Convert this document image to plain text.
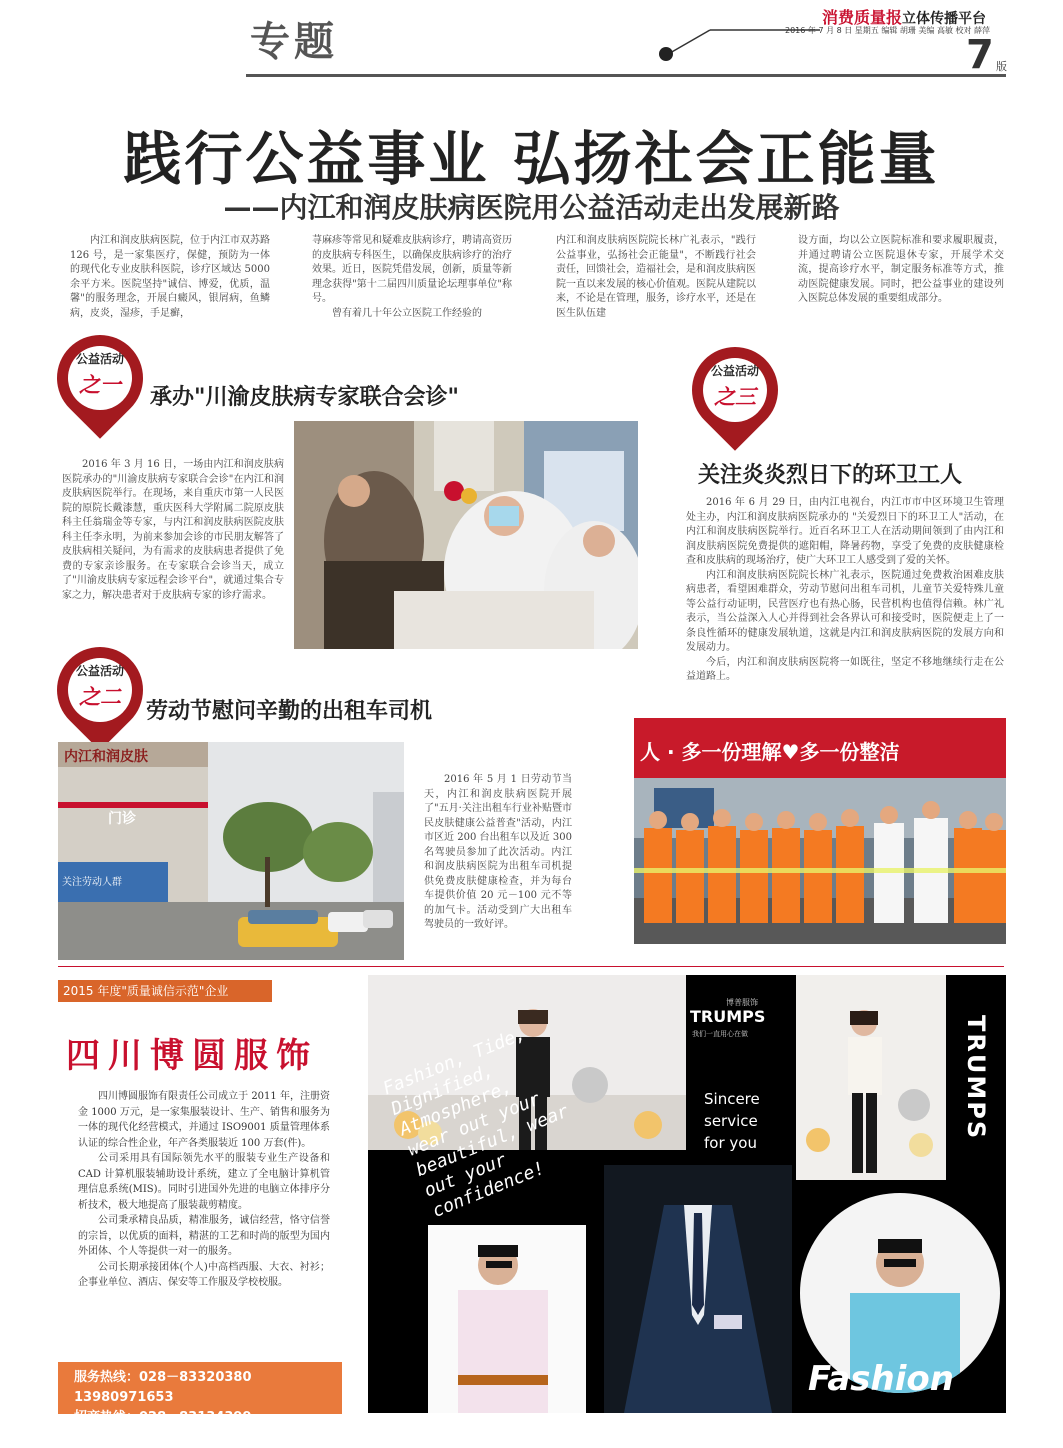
专题
消费质量报立体传播平台
2016 年 7 月 8 日 星期五 编辑 胡珊 美编 高敏 校对 薛萍
7 版
践行公益事业 弘扬社会正能量
——内江和润皮肤病医院用公益活动走出发展新路

内江和润皮肤病医院，位于内江市双苏路 126 号，是一家集医疗，保健，预防为一体的现代化专业皮肤科医院，诊疗区域达 5000 余平方米。医院坚持"诚信、博爱，优质，温馨"的服务理念，开展白癜风，银屑病，鱼鳞病，皮炎，湿疹，手足癣，

荨麻疹等常见和疑难皮肤病诊疗，聘请高资历的皮肤病专科医生，以确保皮肤病诊疗的治疗效果。近日，医院凭借发展，创新，质量等新理念获得"第十二届四川质量论坛理事单位"称号。

曾有着几十年公立医院工作经验的

内江和润皮肤病医院院长林广礼表示，"践行公益事业，弘扬社会正能量"，不断践行社会责任，回馈社会，造福社会，是和润皮肤病医院一直以来发展的核心价值观。医院从建院以来，不论是在管理，服务，诊疗水平，还是在医生队伍建

设方面，均以公立医院标准和要求履职履责，并通过聘请公立医院退休专家，开展学术交流，提高诊疗水平，制定服务标准等方式，推动医院健康发展。同时，把公益事业的建设列入医院总体发展的重要组成部分。

公益活动
之一	承办"川渝皮肤病专家联合会诊"

2016 年 3 月 16 日，一场由内江和润皮肤病医院承办的"川渝皮肤病专家联合会诊"在内江和润皮肤病医院举行。在现场，来自重庆市第一人民医院的原院长戴漆慧，重庆医科大学附属二院原皮肤科主任翁瑞金等专家，与内江和润皮肤病医院皮肤科主任李永明，为前来参加会诊的市民朋友解答了皮肤病相关疑问，为有需求的皮肤病患者提供了免费的专家亲诊服务。在专家联合会诊当天，成立了"川渝皮肤病专家远程会诊平台"，就通过集合专家之力，解决患者对于皮肤病专家的诊疗需求。

公益活动
之三
关注炎炎烈日下的环卫工人

2016 年 6 月 29 日，由内江电视台，内江市市中区环境卫生管理处主办，内江和润皮肤病医院承办的 "关爱烈日下的环卫工人"活动，在内江和润皮肤病医院举行。近百名环卫工人在活动期间领到了由内江和润皮肤病医院免费提供的遮阳帽，降暑药物，享受了免费的皮肤健康检查和皮肤病的现场治疗，使广大环卫工人感受到了爱的关怀。

内江和润皮肤病医院院长林广礼表示，医院通过免费救治困难皮肤病患者，看望困难群众，劳动节慰问出租车司机，儿童节关爱特殊儿童等公益行动证明，民营医疗也有热心肠，民营机构也值得信赖。林广礼表示，当公益深入人心并得到社会各界认可和接受时，医院便走上了一条良性循环的健康发展轨道，这就是内江和润皮肤病医院的发展方向和发展动力。

今后，内江和润皮肤病医院将一如既往，坚定不移地继续行走在公益道路上。

公益活动
之二
劳动节慰问辛勤的出租车司机
内江和润皮肤
门诊
关注劳动人群

2016 年 5 月 1 日劳动节当天，内江和润皮肤病医院开展了"五月·关注出租车行业补贴暨市民皮肤健康公益普查"活动，内江市区近 200 台出租车以及近 300 名驾驶员参加了此次活动。内江和润皮肤病医院为出租车司机提供免费皮肤健康检查，并为每台车提供价值 20 元－100 元不等的加气卡。活动受到广大出租车驾驶员的一致好评。

人 · 多一份理解♥多一份整洁
2015 年度"质量诚信示范"企业
四川博圆服饰

四川博圆服饰有限责任公司成立于 2011 年，注册资金 1000 万元，是一家集服装设计、生产、销售和服务为一体的现代化经营模式，并通过 ISO9001 质量管理体系认证的综合性企业，年产各类服装近 100 万套(件)。

公司采用具有国际领先水平的服装专业生产设备和 CAD 计算机服装辅助设计系统，建立了全电脑计算机管理信息系统(MIS)。同时引进国外先进的电脑立体排序分析技术，极大地提高了服装裁剪精度。

公司秉承精良品质，精准服务，诚信经营，恪守信誉的宗旨，以优质的面料，精湛的工艺和时尚的版型为国内外团体、个人等提供一对一的服务。

公司长期承接团体(个人)中高档西服、大衣、衬衫；企事业单位、酒店、保安等工作服及学校校服。

服务热线：028－83320380 13980971653
招商热线：028－83134399 15928676049
博普服饰
TRUMPS
我们一直用心在做
Sincere service for you
TRUMPS
Fashion, Tide, Dignified, Atmosphere, wear out your beautiful, wear out your confidence!
Fashion
